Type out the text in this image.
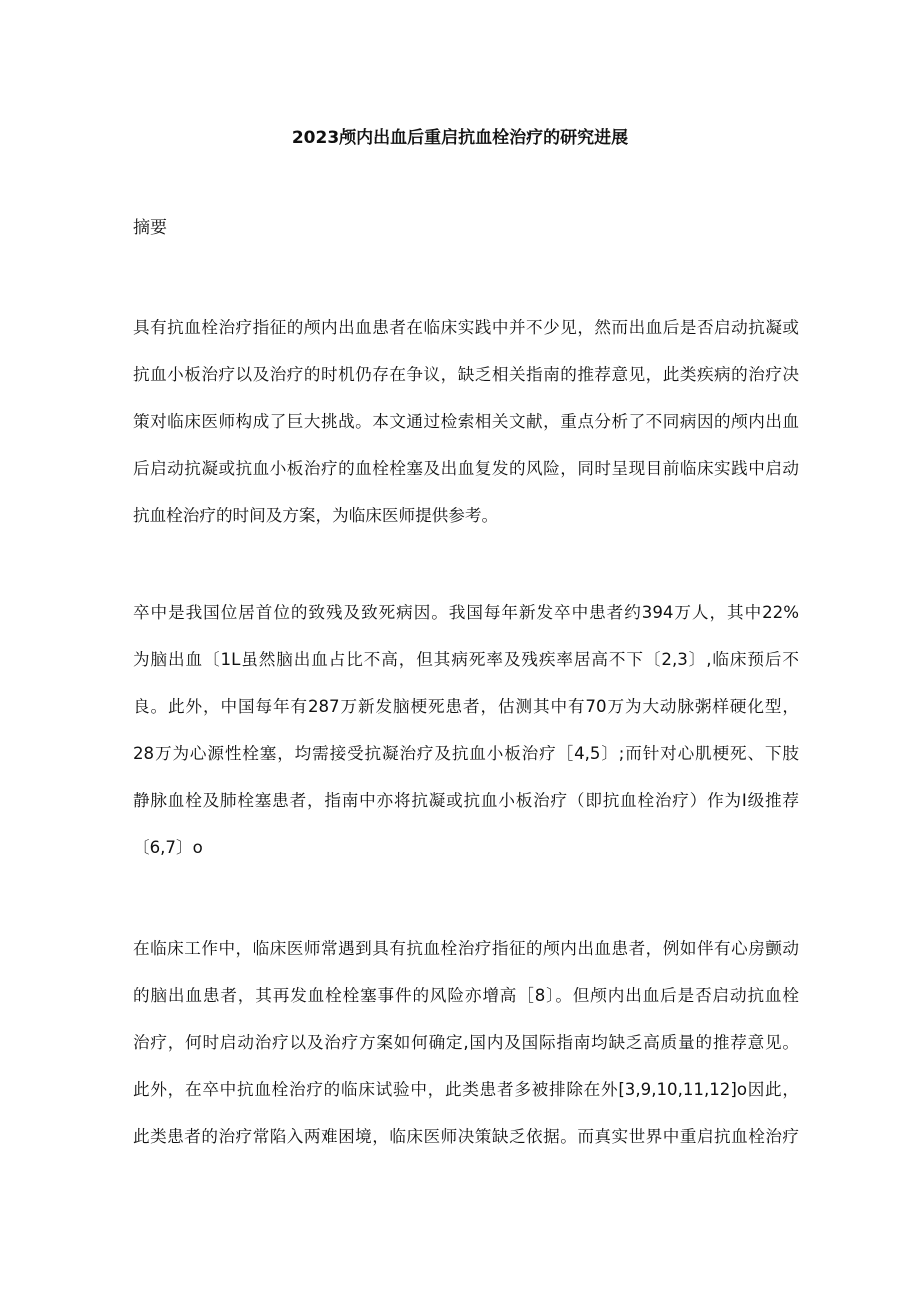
2023颅内出血后重启抗血栓治疗的研究进展
摘要
具有抗血栓治疗指征的颅内出血患者在临床实践中并不少见，然而出血后是否启动抗凝或
抗血小板治疗以及治疗的时机仍存在争议，缺乏相关指南的推荐意见，此类疾病的治疗决
策对临床医师构成了巨大挑战。本文通过检索相关文献，重点分析了不同病因的颅内出血
后启动抗凝或抗血小板治疗的血栓栓塞及出血复发的风险，同时呈现目前临床实践中启动
抗血栓治疗的时间及方案，为临床医师提供参考。
卒中是我国位居首位的致残及致死病因。我国每年新发卒中患者约394万人，其中22%
为脑出血〔1L虽然脑出血占比不高，但其病死率及残疾率居高不下〔2,3〕,临床预后不
良。此外，中国每年有287万新发脑梗死患者，估测其中有70万为大动脉粥样硬化型，
28万为心源性栓塞，均需接受抗凝治疗及抗血小板治疗［4,5〕;而针对心肌梗死、下肢
静脉血栓及肺栓塞患者，指南中亦将抗凝或抗血小板治疗（即抗血栓治疗）作为I级推荐
〔6,7〕o
在临床工作中，临床医师常遇到具有抗血栓治疗指征的颅内出血患者，例如伴有心房颤动
的脑出血患者，其再发血栓栓塞事件的风险亦增高［8〕。但颅内出血后是否启动抗血栓
治疗，何时启动治疗以及治疗方案如何确定,国内及国际指南均缺乏高质量的推荐意见。
此外，在卒中抗血栓治疗的临床试验中，此类患者多被排除在外[3,9,10,11,12]o因此，
此类患者的治疗常陷入两难困境，临床医师决策缺乏依据。而真实世界中重启抗血栓治疗
